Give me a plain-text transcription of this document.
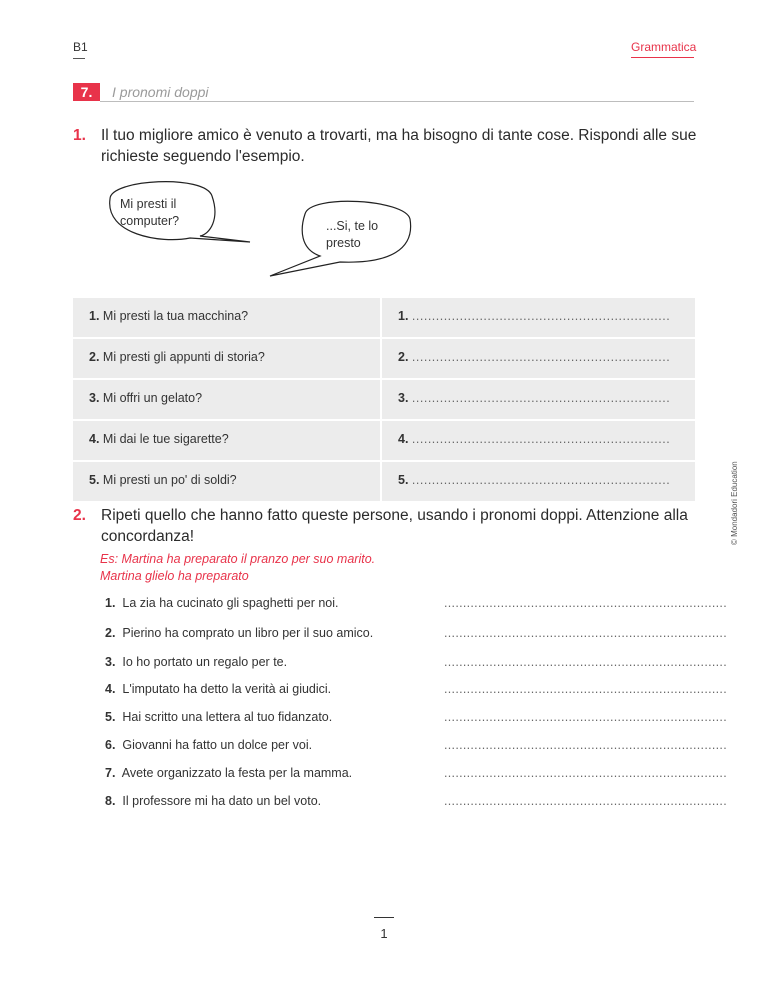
B1	Grammatica
7.	I pronomi doppi
1. Il tuo migliore amico è venuto a trovarti, ma ha bisogno di tante cose. Rispondi alle sue richieste seguendo l'esempio.
Mi presti il computer?	...Si, te lo presto
1. Mi presti la tua macchina?	1. .................................................................
2. Mi presti gli appunti di storia?	2. .................................................................
3. Mi offri un gelato?	3. .................................................................
4. Mi dai le tue sigarette?	4. .................................................................
5. Mi presti un po' di soldi?	5. .................................................................
2. Ripeti quello che hanno fatto queste persone, usando i pronomi doppi. Attenzione alla concordanza!
Es: Martina ha preparato il pranzo per suo marito.
Martina glielo ha preparato
1. La zia ha cucinato gli spaghetti per noi.	...........................................................................
2. Pierino ha comprato un libro per il suo amico.	...........................................................................
3. Io ho portato un regalo per te.	...........................................................................
4. L'imputato ha detto la verità ai giudici.	...........................................................................
5. Hai scritto una lettera al tuo fidanzato.	...........................................................................
6. Giovanni ha fatto un dolce per voi.	...........................................................................
7. Avete organizzato la festa per la mamma.	...........................................................................
8. Il professore mi ha dato un bel voto.	...........................................................................
© Mondadori Education
1
